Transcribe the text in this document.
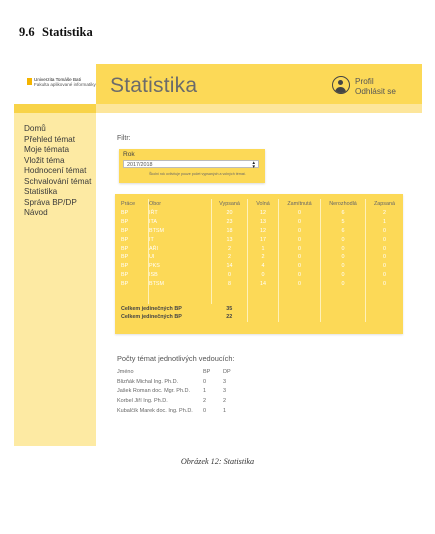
9.6 Statistika
Univerzita Tomáše Bati
Fakulta aplikované informatiky
Domů
Přehled témat
Moje témata
Vložit téma
Hodnocení témat
Schvalování témat
Statistika
Správa BP/DP
Návod
Statistika	Profil
Odhlásit se
Filtr:
Rok
2017/2018	▲
▼
Školní rok ovlivňuje pouze počet vypsaných a volných témat.
Práce	Obor	Vypsaná	Volná	Zamítnutá	Nerozhodlá	Zapsaná
BP	IŘT	20	12	0	6	2
BP	ITA	23	13	0	5	1
BP	BTSM	18	12	0	6	0
BP	IT	13	17	0	0	0
BP	AŘI	2	1	0	0	0
BP	UI	2	2	0	0	0
BP	PKS	14	4	0	0	0
BP	ISB	0	0	0	0	0
BP	BTSM	8	14	0	0	0

Celkem jedinečných BP		35				
Celkem jedinečných BP		22				
Počty témat jednotlivých vedoucích:
Jméno	BP	DP
Blizňák Michal Ing. Ph.D.	0	3
Jašek Roman doc. Mgr. Ph.D.	1	3
Korbel Jiří Ing. Ph.D.	2	2
Kubalčík Marek doc. Ing. Ph.D.	0	1
Obrázek 12: Statistika
